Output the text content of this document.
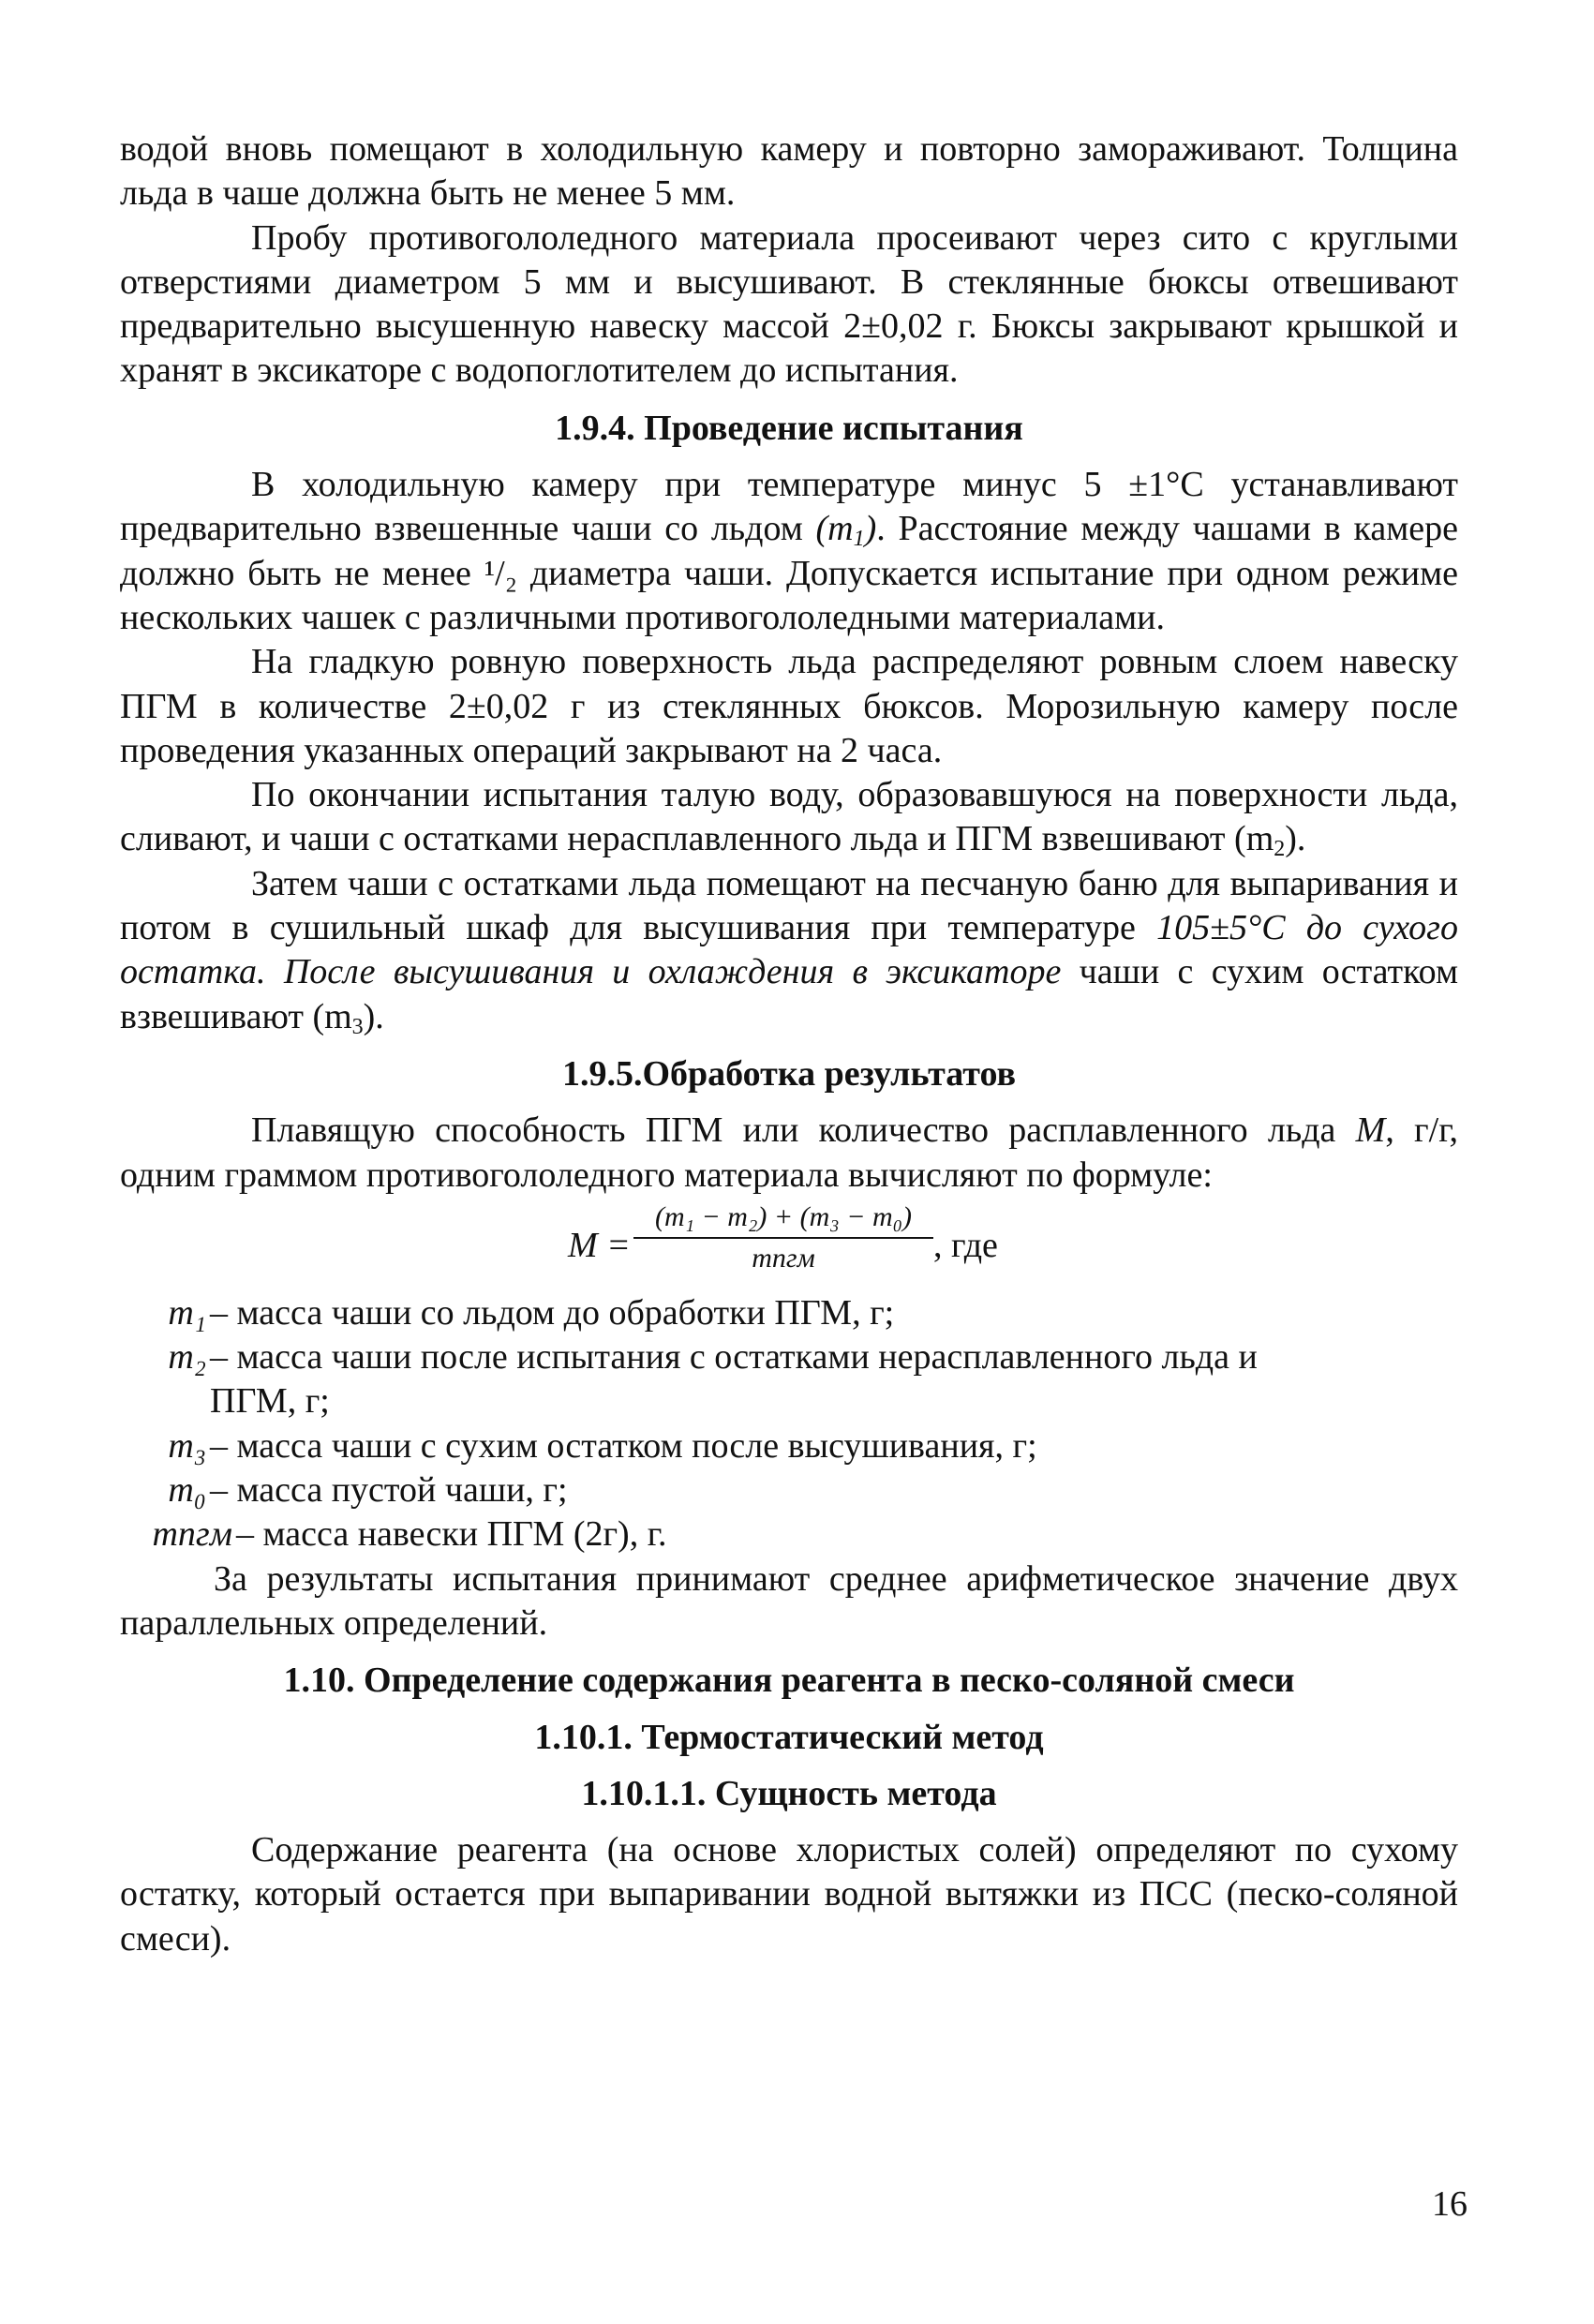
водой вновь помещают в холодильную камеру и повторно замораживают. Толщина льда в чаше должна быть не менее 5 мм.

Пробу противогололедного материала просеивают через сито с круглыми отверстиями диаметром 5 мм и высушивают. В стеклянные бюксы отвешивают предварительно высушенную навеску массой 2±0,02 г. Бюксы закрывают крышкой и хранят в эксикаторе с водопоглотителем до испытания.

1.9.4. Проведение испытания

В холодильную камеру при температуре минус 5 ±1°С устанавливают предварительно взвешенные чаши со льдом $(m_1)$. Расстояние между чашами в камере должно быть не менее ¹/₂ диаметра чаши. Допускается испытание при одном режиме нескольких чашек с различными противогололедными материалами.

На гладкую ровную поверхность льда распределяют ровным слоем навеску ПГМ в количестве 2±0,02 г из стеклянных бюксов. Морозильную камеру после проведения указанных операций закрывают на 2 часа.

По окончании испытания талую воду, образовавшуюся на поверхности льда, сливают, и чаши с остатками нерасплавленного льда и ПГМ взвешивают $(m_2)$.

Затем чаши с остатками льда помещают на песчаную баню для выпаривания и потом в сушильный шкаф для высушивания при температуре 105±5°С до сухого остатка. После высушивания и охлаждения в эксикаторе чаши с сухим остатком взвешивают $(m_3)$.

1.9.5.Обработка результатов

Плавящую способность ПГМ или количество расплавленного льда М, г/г, одним граммом противогололедного материала вычисляют по формуле:

M =
(m₁ − m₂) + (m₃ − m₀)
mпгм	, где
m₁ – масса чаши со льдом до обработки ПГМ, г;
m₂ – масса чаши после испытания с остатками нерасплавленного льда и
ПГМ, г;
m₃ – масса чаши с сухим остатком после высушивания, г;
m₀ – масса пустой чаши, г;
mпгм – масса навески ПГМ (2г), г.

За результаты испытания принимают среднее арифметическое значение двух параллельных определений.

1.10. Определение содержания реагента в песко-соляной смеси
1.10.1. Термостатический метод
1.10.1.1. Сущность метода

Содержание реагента (на основе хлористых солей) определяют по сухому остатку, который остается при выпаривании водной вытяжки из ПСС (песко-соляной смеси).

16
